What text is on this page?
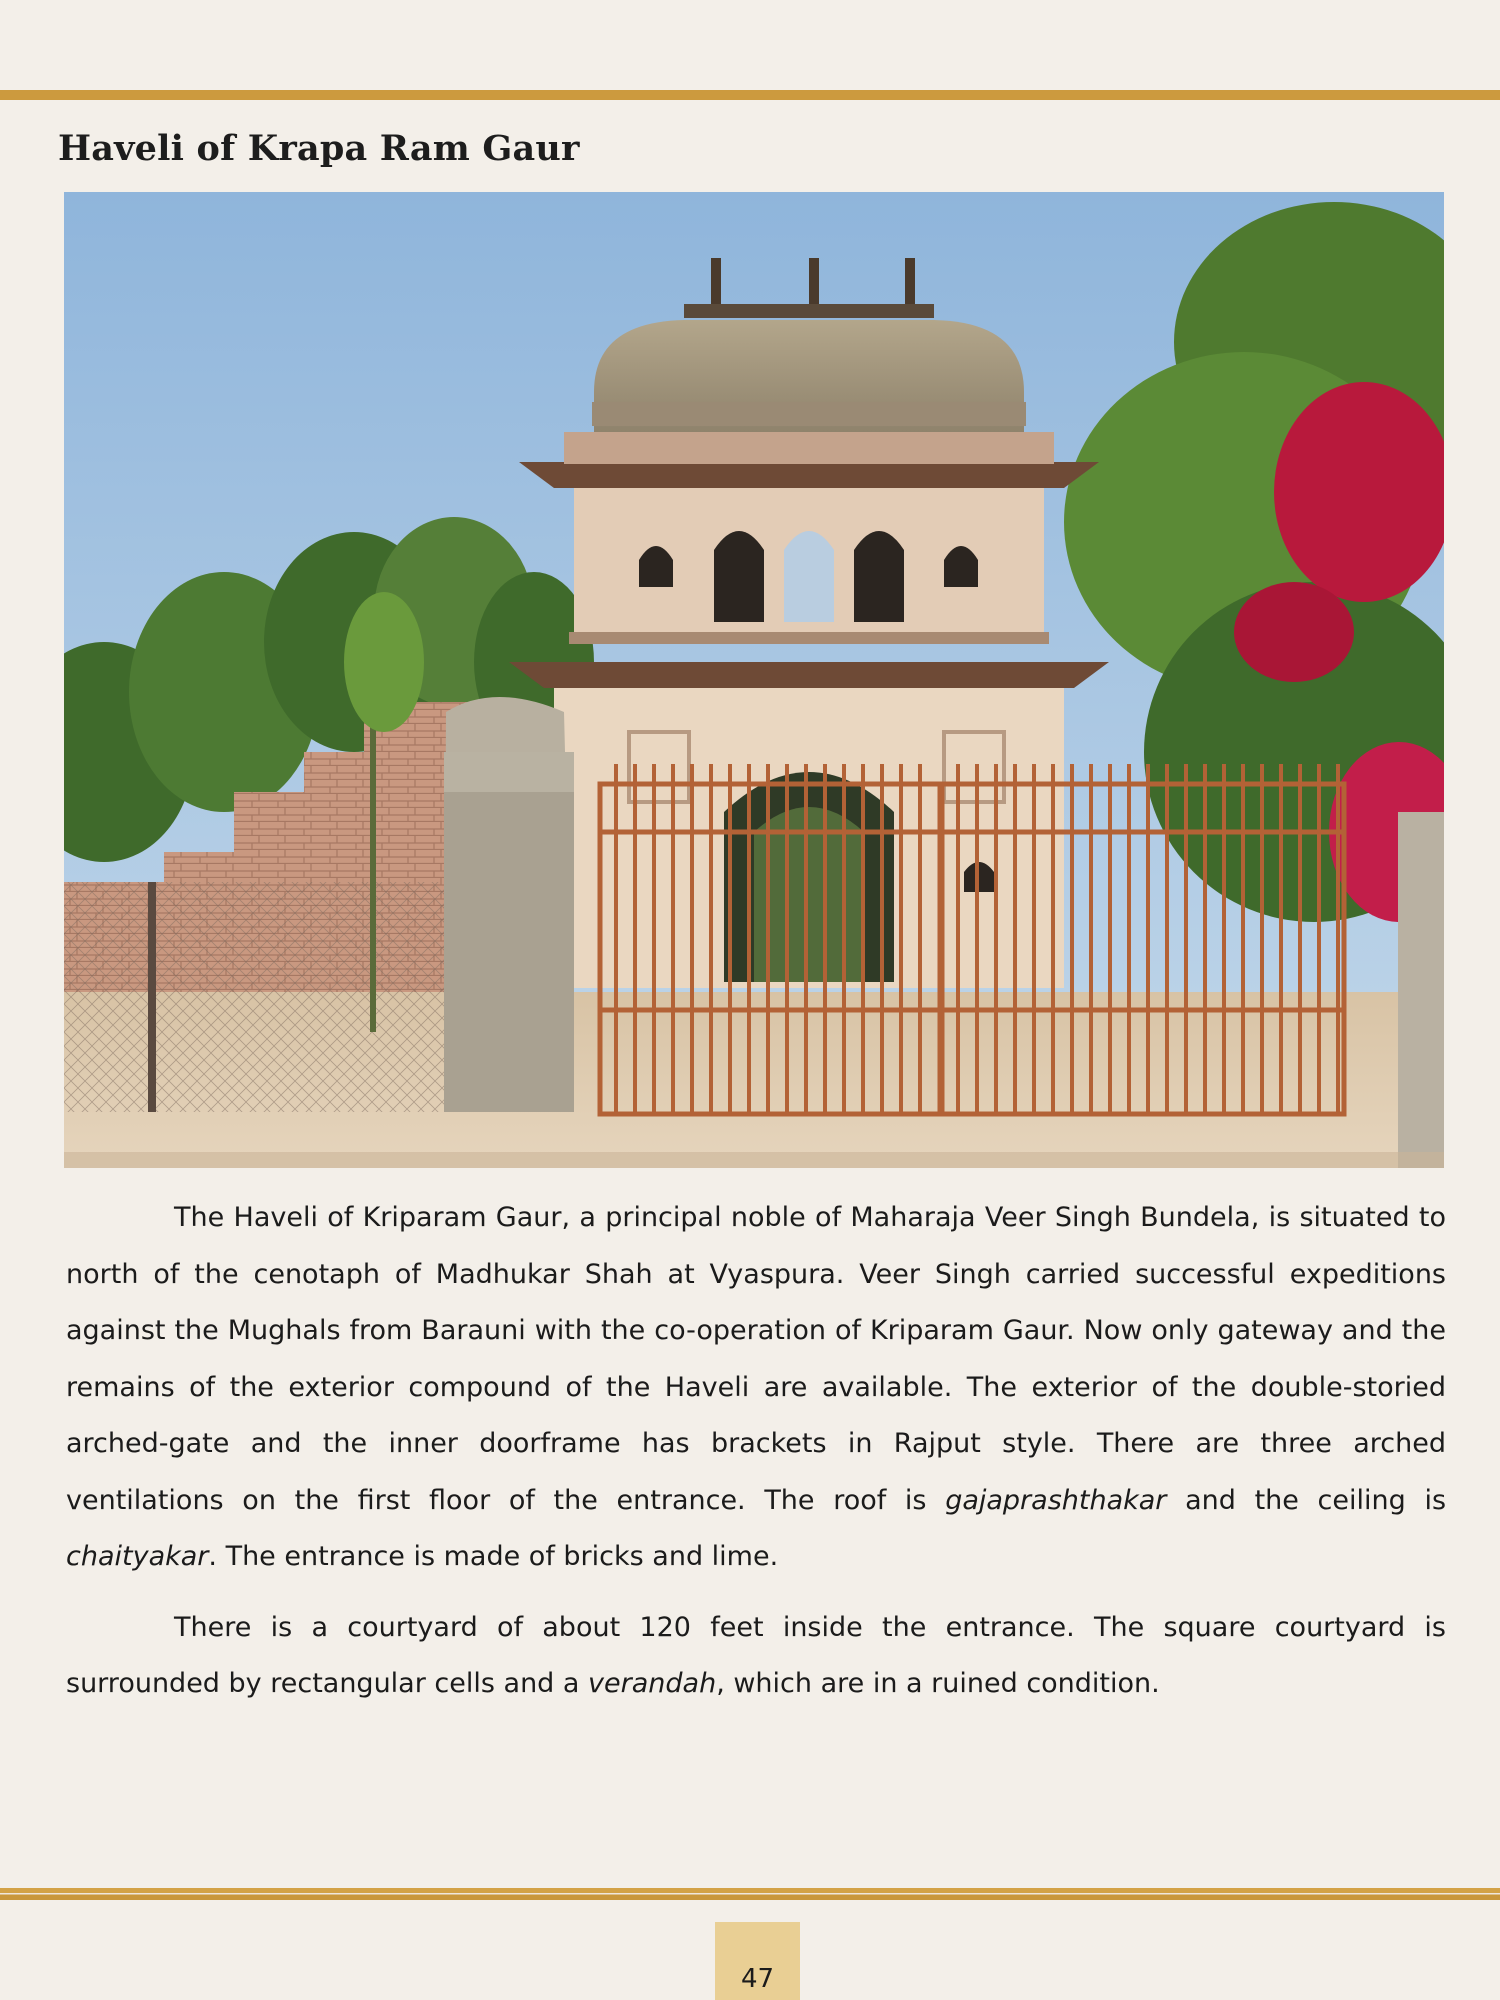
Haveli of Krapa Ram Gaur

The Haveli of Kriparam Gaur, a principal noble of Maharaja Veer Singh Bundela, is situated to north of the cenotaph of Madhukar Shah at Vyaspura. Veer Singh carried successful expeditions against the Mughals from Barauni with the co-operation of Kriparam Gaur. Now only gateway and the remains of the exterior compound of the Haveli are available. The exterior of the double-storied arched-gate and the inner doorframe has brackets in Rajput style. There are three arched ventilations on the first floor of the entrance. The roof is gajaprashthakar and the ceiling is chaityakar. The entrance is made of bricks and lime.

There is a courtyard of about 120 feet inside the entrance. The square courtyard is surrounded by rectangular cells and a verandah, which are in a ruined condition.

47
